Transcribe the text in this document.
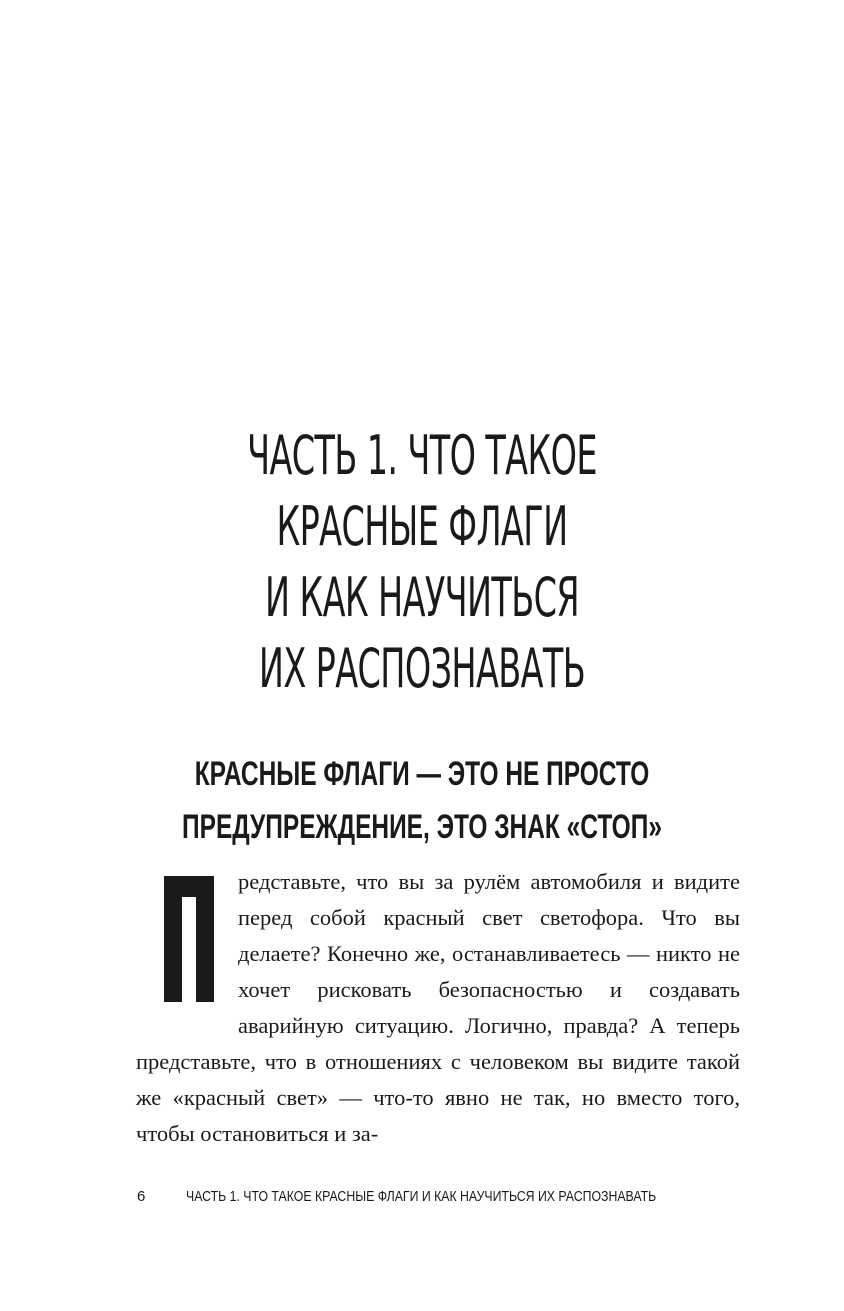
ЧАСТЬ 1. ЧТО ТАКОЕ
КРАСНЫЕ ФЛАГИ
И КАК НАУЧИТЬСЯ
ИХ РАСПОЗНАВАТЬ
КРАСНЫЕ ФЛАГИ — ЭТО НЕ ПРОСТО
ПРЕДУПРЕЖДЕНИЕ, ЭТО ЗНАК «СТОП»
редставьте, что вы за рулём автомобиля и видите перед собой красный свет светофора. Что вы делаете? Конечно же, останавливаетесь — никто не хочет рисковать безопасностью и создавать аварийную ситуацию. Логично, правда? А теперь представьте, что в отношениях с человеком вы видите такой же «красный свет» — что-то явно не так, но вместо того, чтобы остановиться и за-
6	ЧАСТЬ 1. ЧТО ТАКОЕ КРАСНЫЕ ФЛАГИ И КАК НАУЧИТЬСЯ ИХ РАСПОЗНАВАТЬ
